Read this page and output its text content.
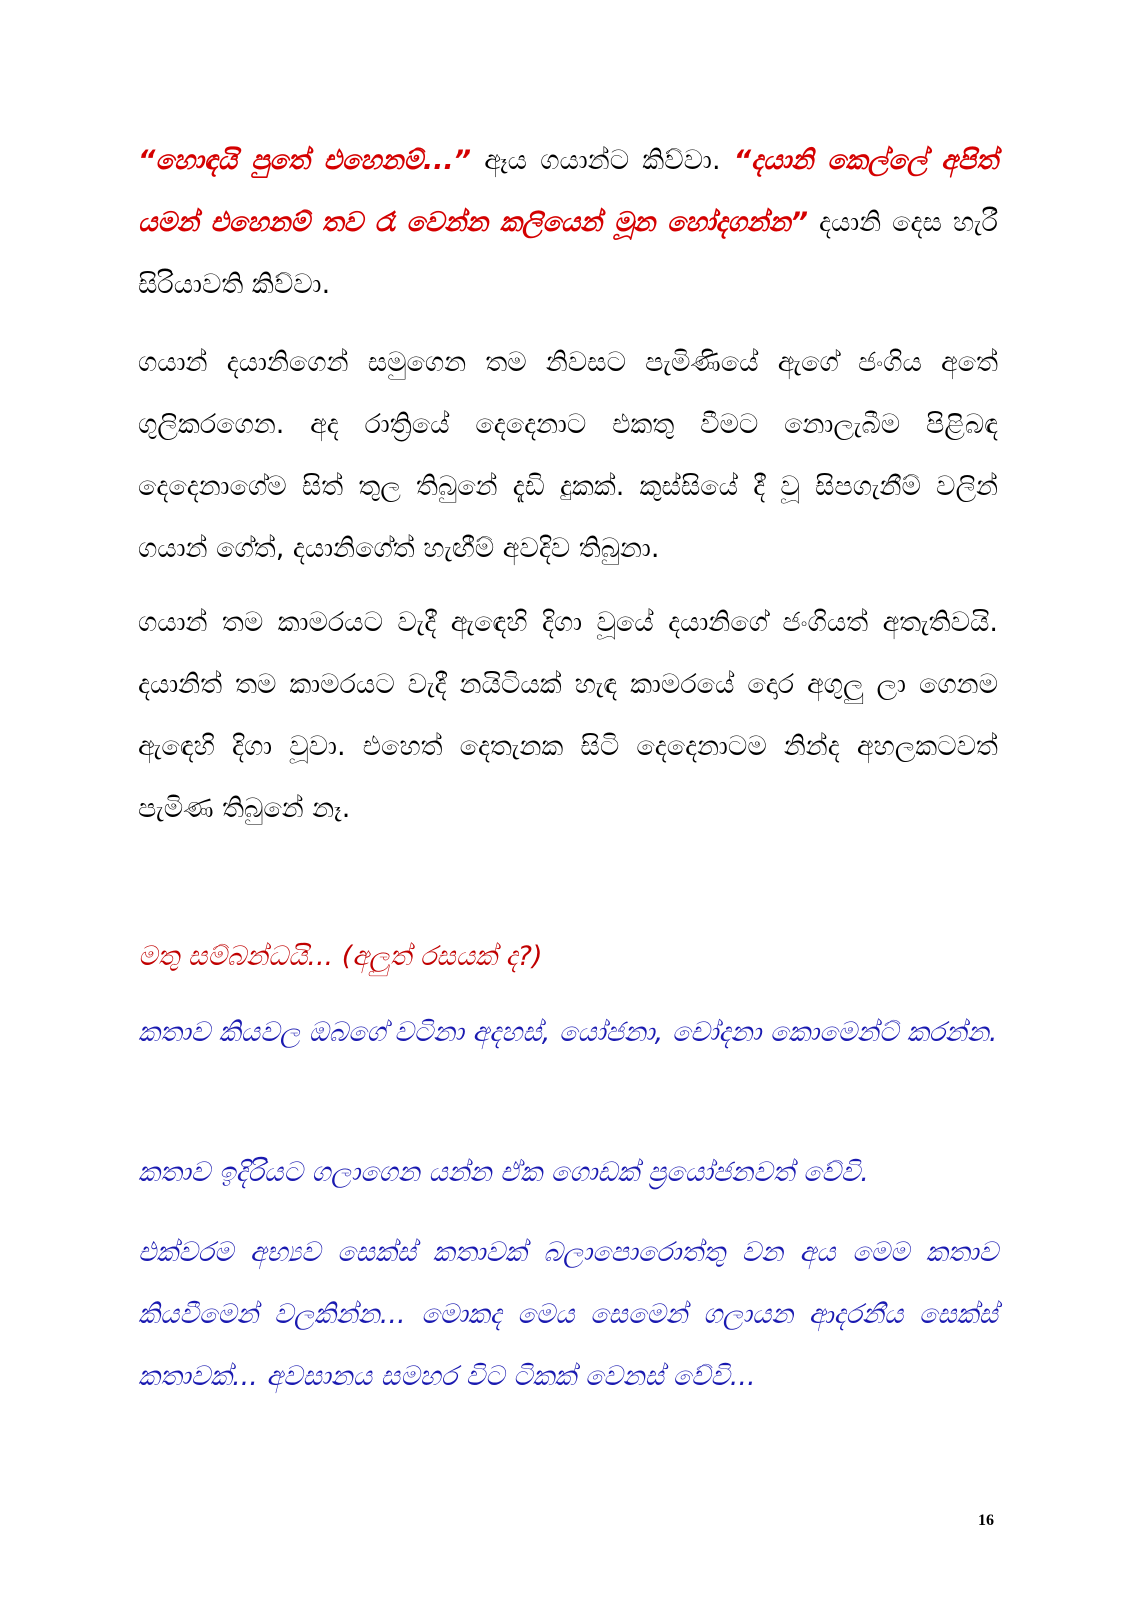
“හොඳයි පුතේ එහෙනම්...” ඈය ගයාන්ට කිව්වා. “දයානි කෙල්ලේ අපිත් යමන් එහෙනම් තව රෑ වෙන්න කලියෙන් මූන හෝදගන්න” දයානි දෙස හැරී සිරියාවති කිව්වා.

ගයාන් දයානිගෙන් සමුගෙන තම නිවසට පැමිණියේ ඇගේ ජංගිය අතේ ගුලිකරගෙන. අද රාත්‍රියේ දෙදෙනාට එකතු වීමට නොලැබීම පිළිබඳ දෙදෙනාගේම සිත් තුල තිබුනේ දැඩි දුකක්. කුස්සියේ දී වූ සිපගැනීම් වලින් ගයාන් ගේත්, දයානිගේත් හැඟීම් අවදිව තිබුනා.

ගයාන් තම කාමරයට වැදී ඇඳෙහි දිගා වූයේ දයානිගේ ජංගියත් අතැතිවයි. දයානිත් තම කාමරයට වැදී නයිටියක් හැඳ කාමරයේ දොර අගුලු ලා ගෙනම ඇඳෙහි දිගා වූවා. එහෙත් දෙතැනක සිටි දෙදෙනාටම නින්ද අහලකටවත් පැමිණ තිබුනේ නෑ.

මතු සම්බන්ධයි... (අලුත් රසයක් ද?)

කතාව කියවල ඔබගේ වටිනා අදහස්, යෝජනා, චෝදනා කොමෙන්ට් කරන්න.

කතාව ඉදිරියට ගලාගෙන යන්න ඒක ගොඩක් ප්‍රයෝජනවත් වේවි.

එක්වරම අභ්‍යව සෙක්ස් කතාවක් බලාපොරොත්තු වන අය මෙම කතාව කියවීමෙන් වලකින්න... මොකද මෙය සෙමෙන් ගලායන ආදරනීය සෙක්ස් කතාවක්... අවසානය සමහර විට ටිකක් වෙනස් වේවි...

16
